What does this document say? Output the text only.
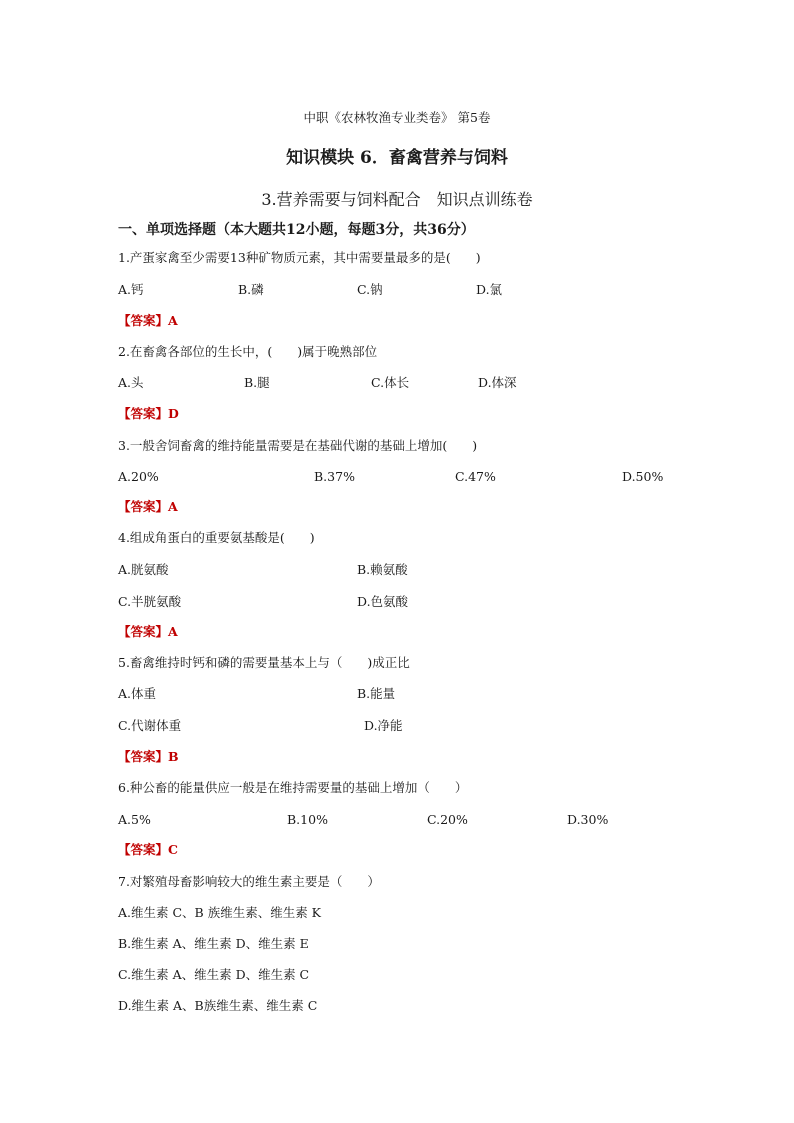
中职《农林牧渔专业类卷》 第5卷
知识模块 6．畜禽营养与饲料
3.营养需要与饲料配合　知识点训练卷
一、单项选择题（本大题共12小题，每题3分，共36分）
1.产蛋家禽至少需要13种矿物质元素，其中需要量最多的是(　　)
A.钙	B.磷	C.钠	D.氯
【答案】A
2.在畜禽各部位的生长中，(　　)属于晚熟部位
A.头	B.腿	C.体长	D.体深
【答案】D
3.一般舍饲畜禽的维持能量需要是在基础代谢的基础上增加(　　)
A.20%	B.37%	C.47%	D.50%
【答案】A
4.组成角蛋白的重要氨基酸是(　　)
A.胱氨酸	B.赖氨酸
C.半胱氨酸	D.色氨酸
【答案】A
5.畜禽维持时钙和磷的需要量基本上与（　　)成正比
A.体重	B.能量
C.代谢体重	D.净能
【答案】B
6.种公畜的能量供应一般是在维持需要量的基础上增加（　　）
A.5%	B.10%	C.20%	D.30%
【答案】C
7.对繁殖母畜影响较大的维生素主要是（　　）
A.维生素 C、B 族维生素、维生素 K
B.维生素 A、维生素 D、维生素 E
C.维生素 A、维生素 D、维生素 C
D.维生素 A、B族维生素、维生素 C
